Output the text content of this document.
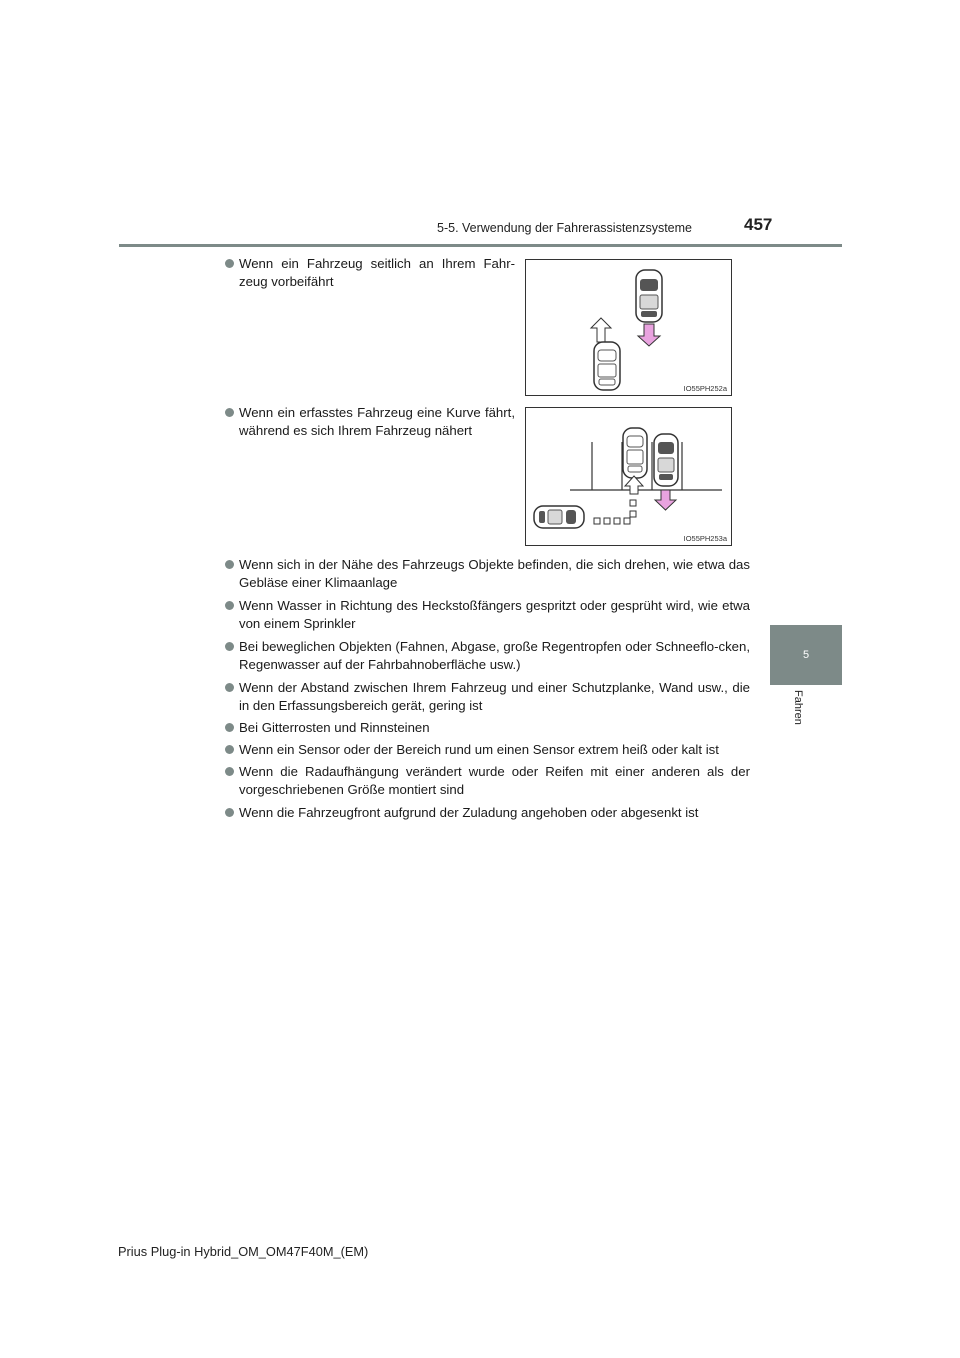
5-5. Verwendung der Fahrerassistenzsysteme	457
5
Fahren
Wenn ein Fahrzeug seitlich an Ihrem Fahr-zeug vorbeifährt
IO55PH252a
Wenn ein erfasstes Fahrzeug eine Kurve fährt, während es sich Ihrem Fahrzeug nähert
IO55PH253a
Wenn sich in der Nähe des Fahrzeugs Objekte befinden, die sich drehen, wie etwa das Gebläse einer Klimaanlage
Wenn Wasser in Richtung des Heckstoßfängers gespritzt oder gesprüht wird, wie etwa von einem Sprinkler
Bei beweglichen Objekten (Fahnen, Abgase, große Regentropfen oder Schneeflo-cken, Regenwasser auf der Fahrbahnoberfläche usw.)
Wenn der Abstand zwischen Ihrem Fahrzeug und einer Schutzplanke, Wand usw., die in den Erfassungsbereich gerät, gering ist
Bei Gitterrosten und Rinnsteinen
Wenn ein Sensor oder der Bereich rund um einen Sensor extrem heiß oder kalt ist
Wenn die Radaufhängung verändert wurde oder Reifen mit einer anderen als der vorgeschriebenen Größe montiert sind
Wenn die Fahrzeugfront aufgrund der Zuladung angehoben oder abgesenkt ist
Prius Plug-in Hybrid_OM_OM47F40M_(EM)
